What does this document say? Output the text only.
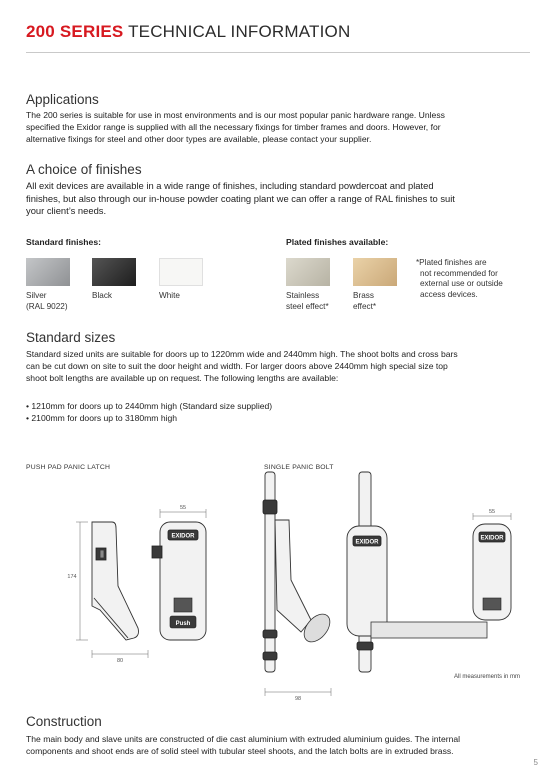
200 SERIES TECHNICAL INFORMATION
Applications

The 200 series is suitable for use in most environments and is our most popular panic hardware range. Unless

specified the Exidor range is supplied with all the necessary fixings for timber frames and doors. However, for

alternative fixings for steel and other door types are available, please contact your supplier.

A choice of finishes

All exit devices are available in a wide range of finishes, including standard powdercoat and plated

finishes, but also through our in-house powder coating plant we can offer a range of RAL finishes to suit

your client’s needs.

Standard finishes:	Plated finishes available:
Silver
(RAL 9022)
Black	White	Stainless
steel effect*
Brass
effect*
*Plated finishes are
not recommended for
external use or outside
access devices.
Standard sizes

Standard sized units are suitable for doors up to 1220mm wide and 2440mm high. The shoot bolts and cross bars

can be cut down on site to suit the door height and width. For larger doors above 2440mm high special size top

shoot bolt lengths are available up on request. The following lengths are available:

• 1210mm for doors up to 2440mm high (Standard size supplied)

• 2100mm for doors up to 3180mm high

PUSH PAD PANIC LATCH	SINGLE PANIC BOLT
EXIDOR
Push
55
174
80
98
EXIDOR
EXIDOR
55
All measurements in mm
Construction

The main body and slave units are constructed of die cast aluminium with extruded aluminium guides. The internal

components and shoot ends are of solid steel with tubular steel shoots, and the latch bolts are in extruded brass.

5
